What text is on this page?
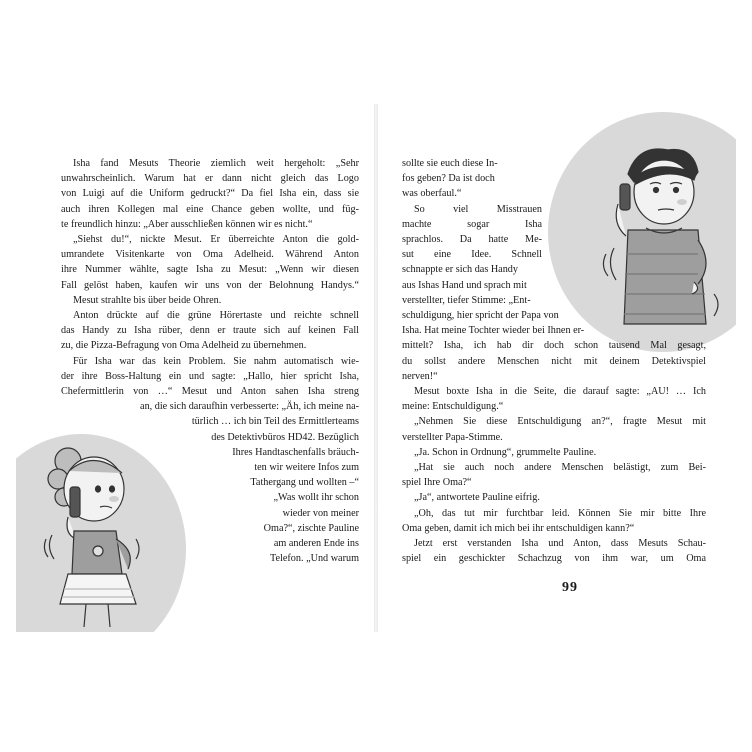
Isha fand Mesuts Theorie ziemlich weit hergeholt: „Sehr
unwahrscheinlich. Warum hat er dann nicht gleich das Logo
von Luigi auf die Uniform gedruckt?“ Da fiel Isha ein, dass sie
auch ihren Kollegen mal eine Chance geben wollte, und füg-
te freundlich hinzu: „Aber ausschließen können wir es nicht.“
„Siehst du!“, nickte Mesut. Er überreichte Anton die gold-
umrandete Visitenkarte von Oma Adelheid. Während Anton
ihre Nummer wählte, sagte Isha zu Mesut: „Wenn wir diesen
Fall gelöst haben, kaufen wir uns von der Belohnung Handys.“
Mesut strahlte bis über beide Ohren.
Anton drückte auf die grüne Hörertaste und reichte schnell
das Handy zu Isha rüber, denn er traute sich auf keinen Fall
zu, die Pizza-Befragung von Oma Adelheid zu übernehmen.
Für Isha war das kein Problem. Sie nahm automatisch wie-
der ihre Boss-Haltung ein und sagte: „Hallo, hier spricht Isha,
Chefermittlerin von …“ Mesut und Anton sahen Isha streng
an, die sich daraufhin verbesserte: „Äh, ich meine na-
türlich … ich bin Teil des Ermittlerteams
des Detektivbüros HD42. Bezüglich
Ihres Handtaschenfalls bräuch-
ten wir weitere Infos zum
Tathergang und wollten –“
„Was wollt ihr schon
wieder von meiner
Oma?“, zischte Pauline
am anderen Ende ins
Telefon. „Und warum
sollte sie euch diese In-
fos geben? Da ist doch
was oberfaul.“
So viel Misstrauen
machte sogar Isha
sprachlos. Da hatte Me-
sut eine Idee. Schnell
schnappte er sich das Handy
aus Ishas Hand und sprach mit
verstellter, tiefer Stimme: „Ent-
schuldigung, hier spricht der Papa von
Isha. Hat meine Tochter wieder bei Ihnen er-
mittelt? Isha, ich hab dir doch schon tausend Mal gesagt,
du sollst andere Menschen nicht mit deinem Detektivspiel
nerven!“
Mesut boxte Isha in die Seite, die darauf sagte: „AU! … Ich
meine: Entschuldigung.“
„Nehmen Sie diese Entschuldigung an?“, fragte Mesut mit
verstellter Papa-Stimme.
„Ja. Schon in Ordnung“, grummelte Pauline.
„Hat sie auch noch andere Menschen belästigt, zum Bei-
spiel Ihre Oma?“
„Ja“, antwortete Pauline eifrig.
„Oh, das tut mir furchtbar leid. Können Sie mir bitte Ihre
Oma geben, damit ich mich bei ihr entschuldigen kann?“
Jetzt erst verstanden Isha und Anton, dass Mesuts Schau-
spiel ein geschickter Schachzug von ihm war, um Oma
99
